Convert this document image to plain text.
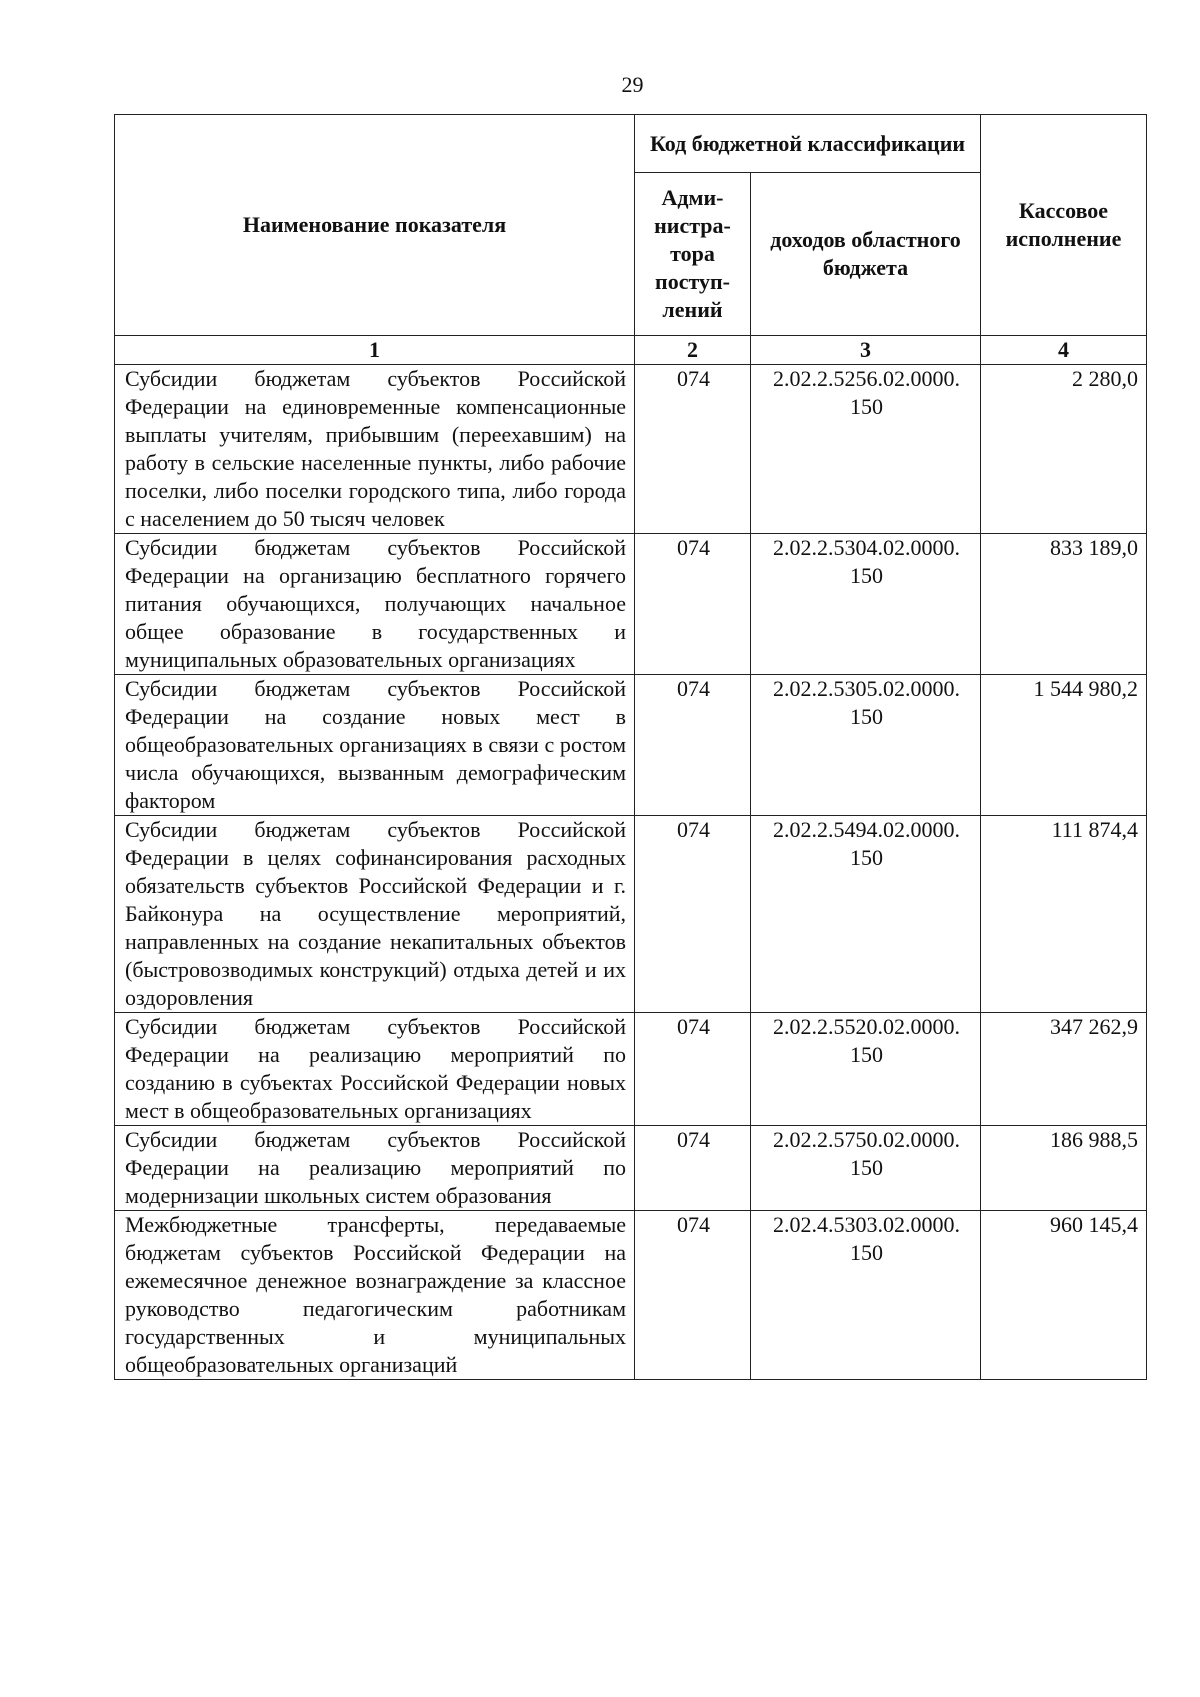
29
Наименование показателя	Код бюджетной классификации		Кассовое исполнение
	Адми-нистра-тора поступ-лений	доходов областного бюджета	
1	2	3	4
Субсидии бюджетам субъектов Российской Федерации на единовременные компенсационные выплаты учителям, прибывшим (переехавшим) на работу в сельские населенные пункты, либо рабочие поселки, либо поселки городского типа, либо города с населением до 50 тысяч человек	074	2.02.2.5256.02.0000. 150	2 280,0
Субсидии бюджетам субъектов Российской Федерации на организацию бесплатного горячего питания обучающихся, получающих начальное общее образование в государственных и муниципальных образовательных организациях	074	2.02.2.5304.02.0000. 150	833 189,0
Субсидии бюджетам субъектов Российской Федерации на создание новых мест в общеобразовательных организациях в связи с ростом числа обучающихся, вызванным демографическим фактором	074	2.02.2.5305.02.0000. 150	1 544 980,2
Субсидии бюджетам субъектов Российской Федерации в целях софинансирования расходных обязательств субъектов Российской Федерации и г. Байконура на осуществление мероприятий, направленных на создание некапитальных объектов (быстровозводимых конструкций) отдыха детей и их оздоровления	074	2.02.2.5494.02.0000. 150	111 874,4
Субсидии бюджетам субъектов Российской Федерации на реализацию мероприятий по созданию в субъектах Российской Федерации новых мест в общеобразовательных организациях	074	2.02.2.5520.02.0000. 150	347 262,9
Субсидии бюджетам субъектов Российской Федерации на реализацию мероприятий по модернизации школьных систем образования	074	2.02.2.5750.02.0000. 150	186 988,5
Межбюджетные трансферты, передаваемые бюджетам субъектов Российской Федерации на ежемесячное денежное вознаграждение за классное руководство педагогическим работникам государственных и муниципальных общеобразовательных организаций	074	2.02.4.5303.02.0000. 150	960 145,4
